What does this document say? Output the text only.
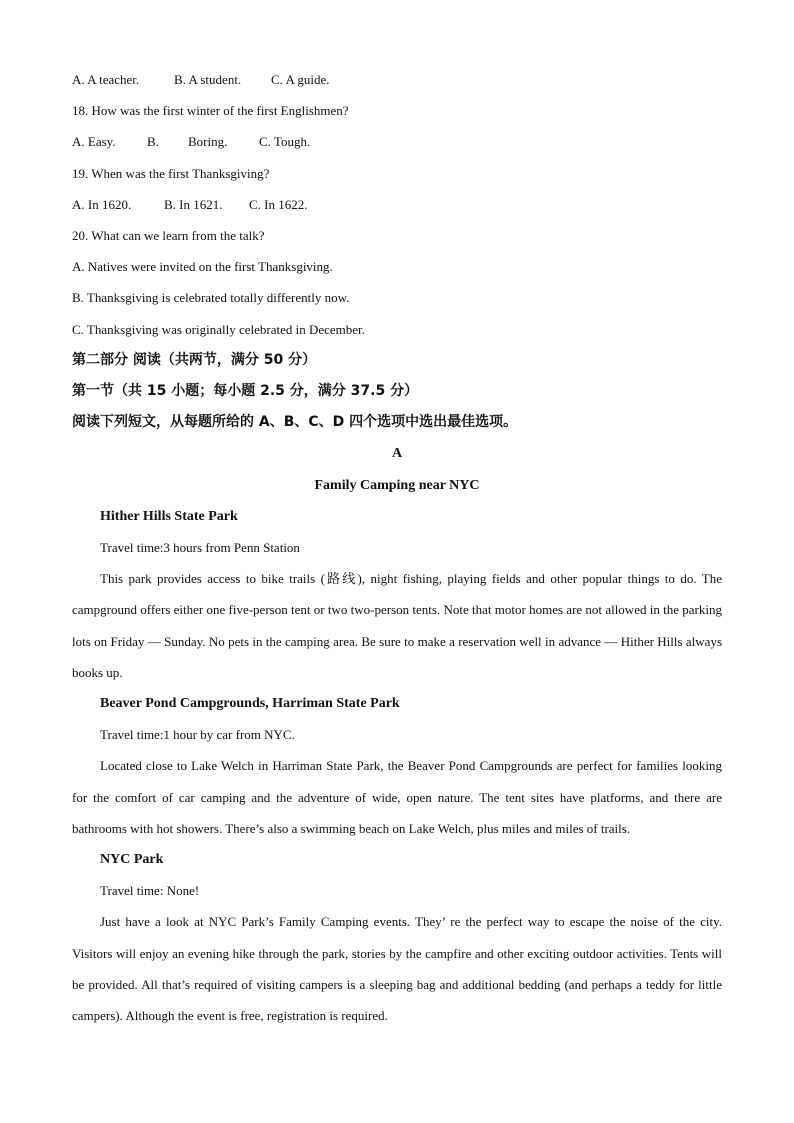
A. A teacher.	B. A student. C. A guide.
18. How was the first winter of the first Englishmen?
A. Easy. B. Boring. C. Tough.
19. When was the first Thanksgiving?
A. In 1620.	B. In 1621. C. In 1622.
20. What can we learn from the talk?
A. Natives were invited on the first Thanksgiving.
B. Thanksgiving is celebrated totally differently now.
C. Thanksgiving was originally celebrated in December.
第二部分 阅读（共两节，满分 50 分）
第一节（共 15 小题；每小题 2.5 分，满分 37.5 分）
阅读下列短文，从每题所给的 A、B、C、D 四个选项中选出最佳选项。
A
Family Camping near NYC
Hither Hills State Park
Travel time:3 hours from Penn Station
This park provides access to bike trails (路线), night fishing, playing fields and other popular things to do. The campground offers either one five-person tent or two two-person tents. Note that motor homes are not allowed in the parking lots on Friday — Sunday. No pets in the camping area. Be sure to make a reservation well in advance — Hither Hills always books up.
Beaver Pond Campgrounds, Harriman State Park
Travel time:1 hour by car from NYC.
Located close to Lake Welch in Harriman State Park, the Beaver Pond Campgrounds are perfect for families looking for the comfort of car camping and the adventure of wide, open nature. The tent sites have platforms, and there are bathrooms with hot showers. There’s also a swimming beach on Lake Welch, plus miles and miles of trails.
NYC Park
Travel time: None!
Just have a look at NYC Park’s Family Camping events. They’ re the perfect way to escape the noise of the city. Visitors will enjoy an evening hike through the park, stories by the campfire and other exciting outdoor activities. Tents will be provided. All that’s required of visiting campers is a sleeping bag and additional bedding (and perhaps a teddy for little campers). Although the event is free, registration is required.
